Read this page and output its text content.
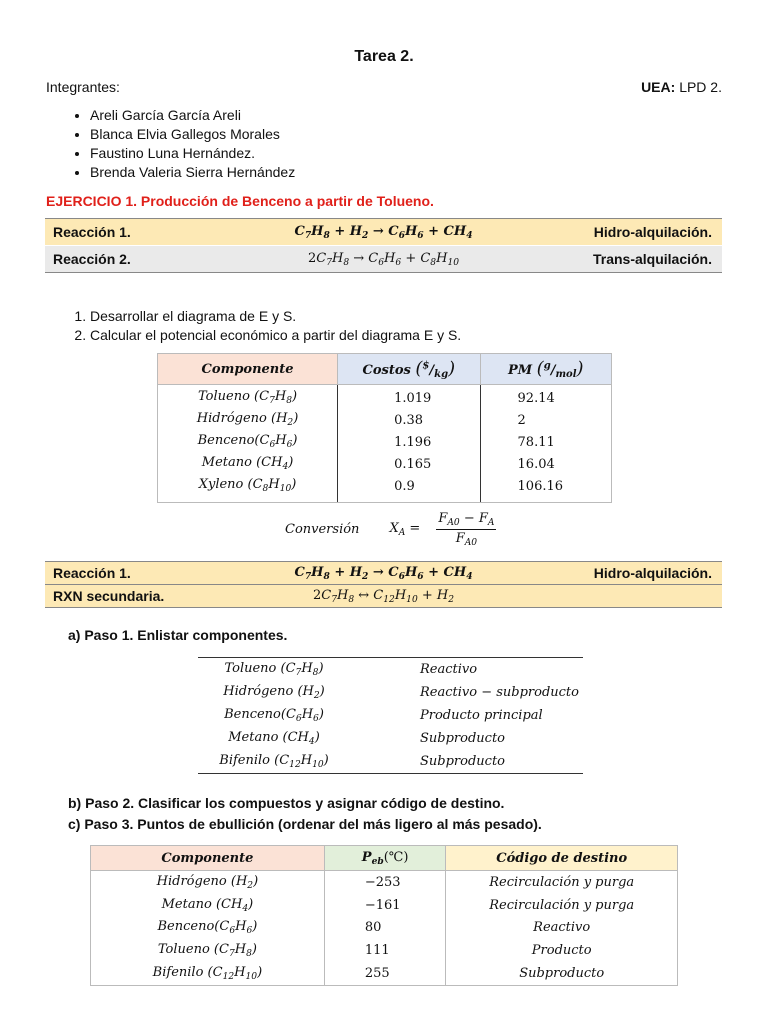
Tarea 2.
Integrantes:	UEA: LPD 2.
• Areli García García Areli
• Blanca Elvia Gallegos Morales
• Faustino Luna Hernández.
• Brenda Valeria Sierra Hernández
EJERCICIO 1. Producción de Benceno a partir de Tolueno.
Reacción 1.	$C_7H_8 + H_2 \to C_6H_6 + CH_4$	Hidro-alquilación.
Reacción 2.	$2C_7H_8 \to C_6H_6 + C_8H_{10}$	Trans-alquilación.
1. Desarrollar el diagrama de E y S.
2. Calcular el potencial económico a partir del diagrama E y S.
Componente	Costos $(^{\$}/_{kg})$	PM $(^g/_{mol})$
Tolueno $(C_7H_8)$	1.019	92.14
Hidrógeno $(H_2)$	0.38	2
$Benceno(C_6H_6)$	1.196	78.11
Metano $(CH_4)$	0.165	16.04
Xyleno $(C_8H_{10})$	0.9	106.16
Conversión $X_A = \frac{F_{A0} - F_A}{F_{A0}}$
Reacción 1.	$C_7H_8 + H_2 \to C_6H_6 + CH_4$	Hidro-alquilación.
RXN secundaria.	$2C_7H_8$ ↔ $C_{12}H_{10} + H_2$
a) Paso 1. Enlistar componentes.
Tolueno $(C_7H_8)$	Reactivo
Hidrógeno $(H_2)$	Reactivo − subproducto
$Benceno(C_6H_6)$	Producto principal
Metano $(CH_4)$	Subproducto
Bifenilo $(C_{12}H_{10})$	Subproducto
b) Paso 2. Clasificar los compuestos y asignar código de destino.
c) Paso 3. Puntos de ebullición (ordenar del más ligero al más pesado).
Componente	$P_{eb}(℃)$	Código de destino
Hidrógeno $(H_2)$	−253	Recirculación y purga
Metano $(CH_4)$	−161	Recirculación y purga
$Benceno(C_6H_6)$	80	Reactivo
Tolueno $(C_7H_8)$	111	Producto
Bifenilo $(C_{12}H_{10})$	255	Subproducto
